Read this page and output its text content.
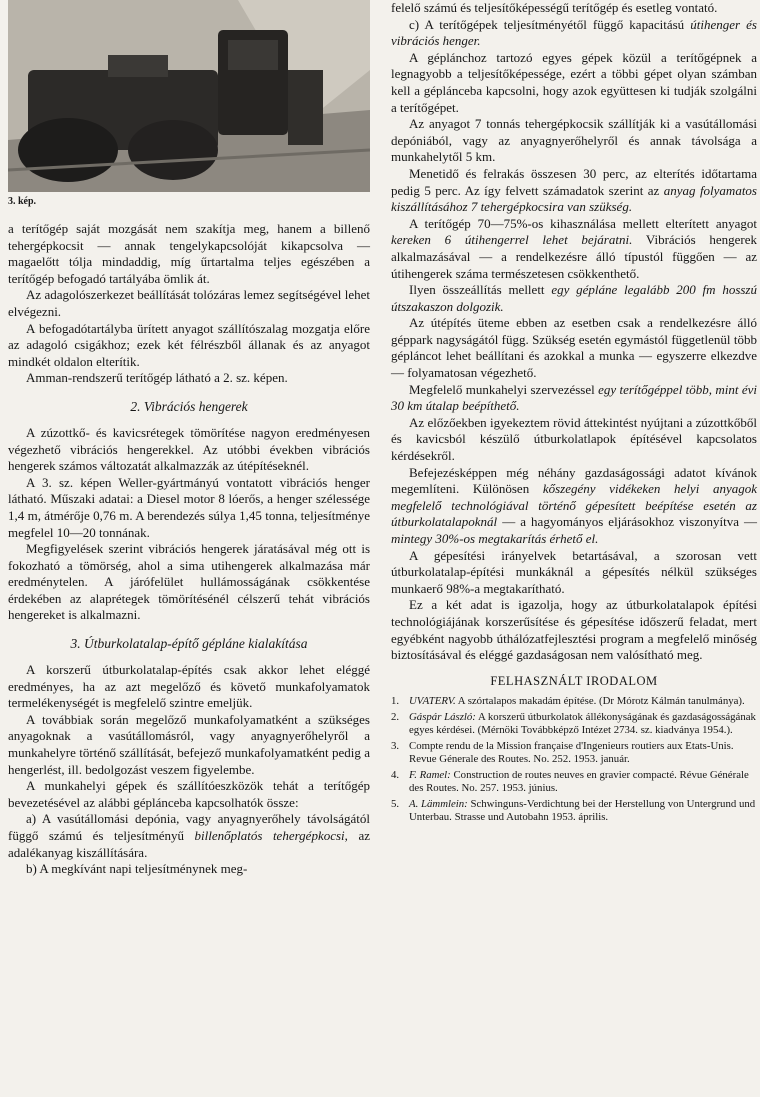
3. kép.

a terítőgép saját mozgását nem szakítja meg, hanem a billenő tehergépkocsit — annak tengelykapcsolóját kikapcsolva — magaelőtt tólja mindaddig, míg űrtartalma teljes egészében a terítőgép befogadó tartályába ömlik át.

Az adagolószerkezet beállítását tolózáras lemez segítségével lehet elvégezni.

A befogadótartályba ürített anyagot szállítószalag mozgatja előre az adagoló csigákhoz; ezek két félrészből állanak és az anyagot mindkét oldalon elterítik.

Amman-rendszerű terítőgép látható a 2. sz. képen.

2. Vibrációs hengerek

A zúzottkő- és kavicsrétegek tömörítése nagyon eredményesen végezhető vibrációs hengerekkel. Az utóbbi években vibrációs hengerek számos változatát alkalmazzák az útépítéseknél.

A 3. sz. képen Weller-gyártmányú vontatott vibrációs henger látható. Műszaki adatai: a Diesel motor 8 lóerős, a henger szélessége 1,4 m, átmérője 0,76 m. A berendezés súlya 1,45 tonna, teljesítménye megfelel 10—20 tonnának.

Megfigyelések szerint vibrációs hengerek járatásával még ott is fokozható a tömörség, ahol a sima utihengerek alkalmazása már eredménytelen. A járófelület hullámosságának csökkentése érdekében az alaprétegek tömörítésénél célszerű tehát vibrációs hengereket is alkalmazni.

3. Útburkolatalap-építő gépláne kialakítása

A korszerű útburkolatalap-építés csak akkor lehet eléggé eredményes, ha az azt megelőző és követő munkafolyamatok termelékenységét is megfelelő szintre emeljük.

A továbbiak során megelőző munkafolyamatként a szükséges anyagoknak a vasútállomásról, vagy anyagnyerőhelyről a munkahelyre történő szállítását, befejező munkafolyamatként pedig a hengerlést, ill. bedolgozást veszem figyelembe.

A munkahelyi gépek és szállítóeszközök tehát a terítőgép bevezetésével az alábbi géplánceba kapcsolhatók össze:

a) A vasútállomási depónia, vagy anyagnyerőhely távolságától függő számú és teljesítményű billenőplatós tehergépkocsi, az adalékanyag kiszállítására.

b) A megkívánt napi teljesítménynek meg-

felelő számú és teljesítőképességű terítőgép és esetleg vontató.

c) A terítőgépek teljesítményétől függő kapacitású útihenger és vibrációs henger.

A géplánchoz tartozó egyes gépek közül a terítőgépnek a legnagyobb a teljesítőképessége, ezért a többi gépet olyan számban kell a géplánceba kapcsolni, hogy azok együttesen ki tudják szolgálni a terítőgépet.

Az anyagot 7 tonnás tehergépkocsik szállítják ki a vasútállomási depóniából, vagy az anyagnyerőhelyről és annak távolsága a munkahelytől 5 km.

Menetidő és felrakás összesen 30 perc, az elterítés időtartama pedig 5 perc. Az így felvett számadatok szerint az anyag folyamatos kiszállításához 7 tehergépkocsira van szükség.

A terítőgép 70—75%-os kihasználása mellett elterített anyagot kereken 6 útihengerrel lehet bejáratni. Vibrációs hengerek alkalmazásával — a rendelkezésre álló típustól függően — az útihengerek száma természetesen csökkenthető.

Ilyen összeállítás mellett egy gépláne legalább 200 fm hosszú útszakaszon dolgozik.

Az útépítés üteme ebben az esetben csak a rendelkezésre álló géppark nagyságától függ. Szükség esetén egymástól függetlenül több gépláncot lehet beállítani és azokkal a munka — egyszerre elkezdve — folyamatosan végezhető.

Megfelelő munkahelyi szervezéssel egy terítőgéppel több, mint évi 30 km útalap beépíthető.

Az előzőekben igyekeztem rövid áttekintést nyújtani a zúzottkőből és kavicsból készülő útburkolatlapok építésével kapcsolatos kérdésekről.

Befejezésképpen még néhány gazdaságossági adatot kívánok megemlíteni. Különösen kőszegény vidékeken helyi anyagok megfelelő technológiával történő gépesített beépítése esetén az útburkolatalapoknál — a hagyományos eljárásokhoz viszonyítva — mintegy 30%-os megtakarítás érhető el.

A gépesítési irányelvek betartásával, a szorosan vett útburkolatalap-építési munkáknál a gépesítés nélkül szükséges munkaerő 98%-a megtakarítható.

Ez a két adat is igazolja, hogy az útburkolatalapok építési technológiájának korszerűsítése és gépesítése időszerű feladat, mert egyébként nagyobb úthálózatfejlesztési program a megfelelő minőség biztosításával és eléggé gazdaságosan nem valósítható meg.

FELHASZNÁLT IRODALOM
1.UVATERV. A szórtalapos makadám építése. (Dr Mórotz Kálmán tanulmánya).
2.Gáspár László: A korszerű útburkolatok állékonyságának és gazdaságosságának egyes kérdései. (Mérnöki Továbbképző Intézet 2734. sz. kiadványa 1954.).
3.Compte rendu de la Mission française d'Ingenieurs routiers aux Etats-Unis. Revue Génerale des Routes. No. 252. 1953. január.
4.F. Ramel: Construction de routes neuves en gravier compacté. Révue Générale des Routes. No. 257. 1953. június.
5.A. Lämmlein: Schwinguns-Verdichtung bei der Herstellung von Untergrund und Unterbau. Strasse und Autobahn 1953. április.
